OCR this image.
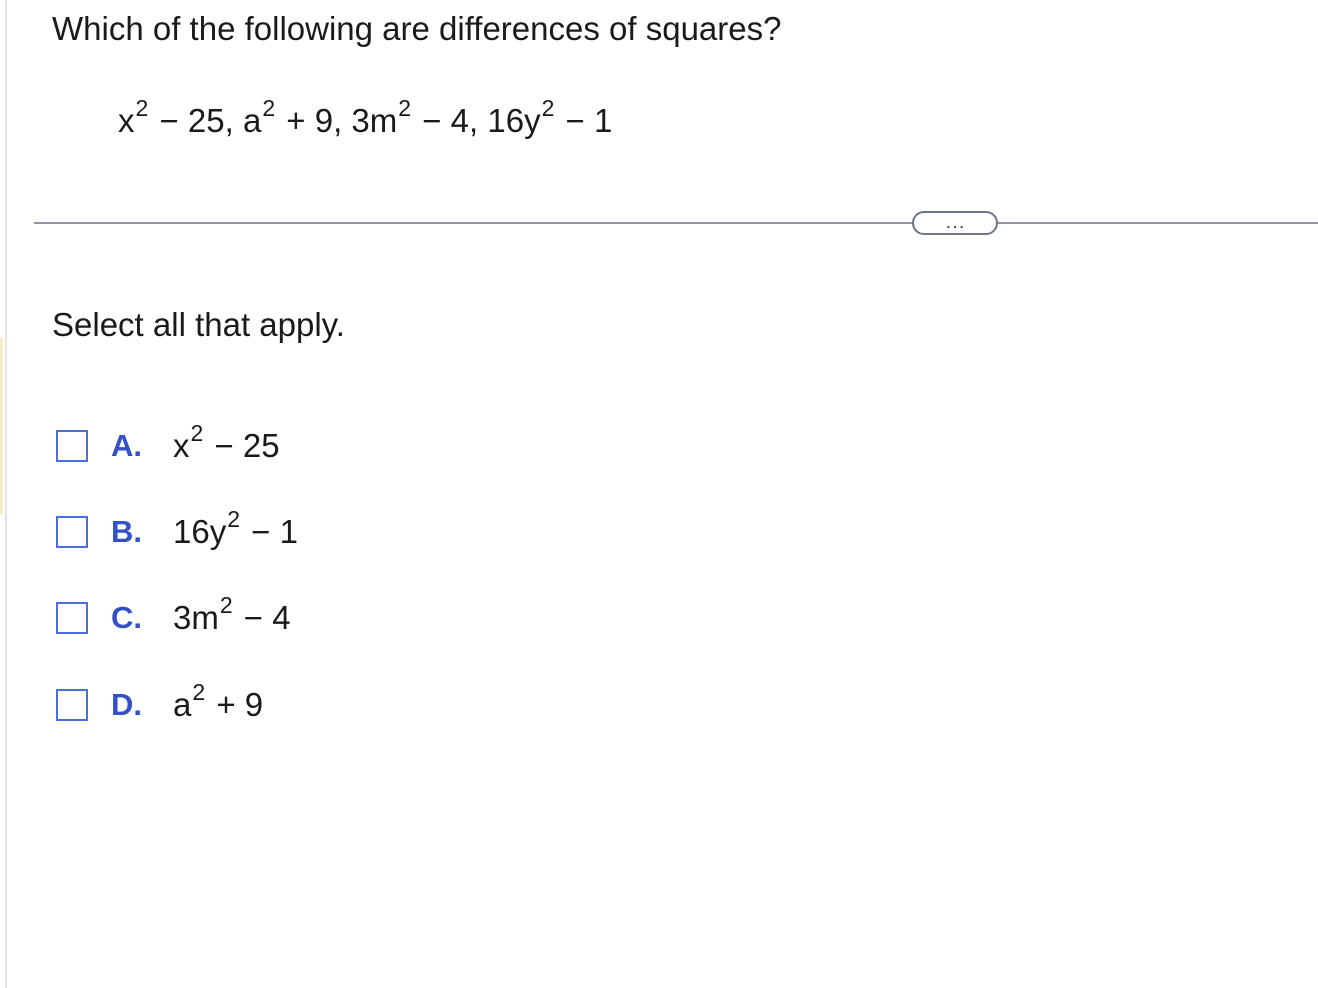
Which of the following are differences of squares?
$x^2 - 25$, $a^2 + 9$, $3m^2 - 4$, $16y^2 - 1$
...
Select all that apply.
A. $x^2 - 25$
B. $16y^2 - 1$
C. $3m^2 - 4$
D. $a^2 + 9$
